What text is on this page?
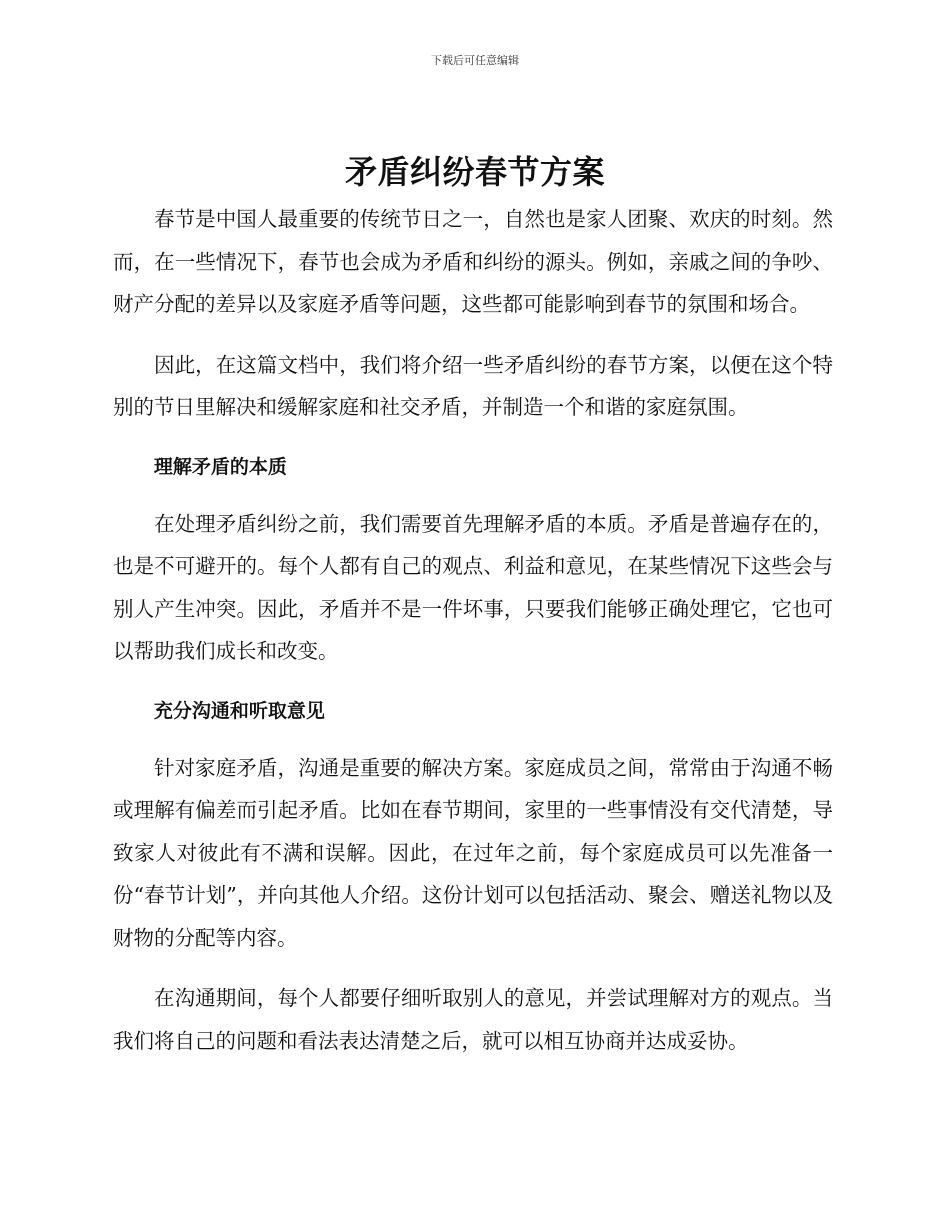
下载后可任意编辑
矛盾纠纷春节方案

春节是中国人最重要的传统节日之一，自然也是家人团聚、欢庆的时刻。然而，在一些情况下，春节也会成为矛盾和纠纷的源头。例如，亲戚之间的争吵、财产分配的差异以及家庭矛盾等问题，这些都可能影响到春节的氛围和场合。

因此，在这篇文档中，我们将介绍一些矛盾纠纷的春节方案，以便在这个特别的节日里解决和缓解家庭和社交矛盾，并制造一个和谐的家庭氛围。

理解矛盾的本质

在处理矛盾纠纷之前，我们需要首先理解矛盾的本质。矛盾是普遍存在的，也是不可避开的。每个人都有自己的观点、利益和意见，在某些情况下这些会与别人产生冲突。因此，矛盾并不是一件坏事，只要我们能够正确处理它，它也可以帮助我们成长和改变。

充分沟通和听取意见

针对家庭矛盾，沟通是重要的解决方案。家庭成员之间，常常由于沟通不畅或理解有偏差而引起矛盾。比如在春节期间，家里的一些事情没有交代清楚，导致家人对彼此有不满和误解。因此，在过年之前，每个家庭成员可以先准备一份“春节计划”，并向其他人介绍。这份计划可以包括活动、聚会、赠送礼物以及财物的分配等内容。

在沟通期间，每个人都要仔细听取别人的意见，并尝试理解对方的观点。当我们将自己的问题和看法表达清楚之后，就可以相互协商并达成妥协。
